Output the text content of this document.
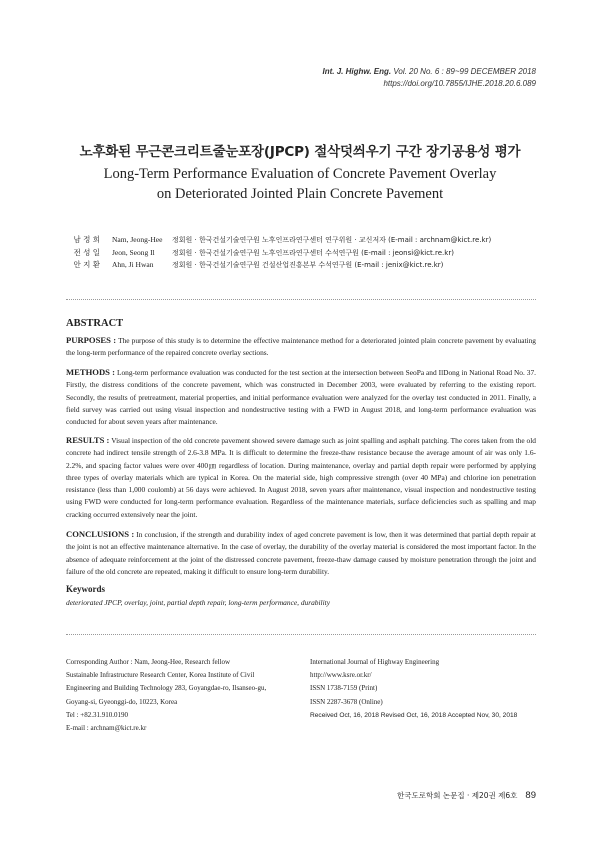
Int. J. Highw. Eng. Vol. 20 No. 6 : 89~99 DECEMBER 2018
https://doi.org/10.7855/IJHE.2018.20.6.089
노후화된 무근콘크리트줄눈포장(JPCP) 절삭덧씌우기 구간 장기공용성 평가
Long-Term Performance Evaluation of Concrete Pavement Overlay
on Deteriorated Jointed Plain Concrete Pavement
남 정 희	Nam, Jeong-Hee	정회원 · 한국건설기술연구원 노후인프라연구센터 연구위원 · 교신저자 (E-mail : archnam@kict.re.kr)
전 성 일	Jeon, Seong Il	정회원 · 한국건설기술연구원 노후인프라연구센터 수석연구원 (E-mail : jeonsi@kict.re.kr)
안 지 환	Ahn, Ji Hwan	정회원 · 한국건설기술연구원 건설산업진흥본부 수석연구원 (E-mail : jenix@kict.re.kr)
ABSTRACT
PURPOSES : The purpose of this study is to determine the effective maintenance method for a deteriorated jointed plain concrete pavement by evaluating the long-term performance of the repaired concrete overlay sections.
METHODS : Long-term performance evaluation was conducted for the test section at the intersection between SeoPa and IlDong in National Road No. 37. Firstly, the distress conditions of the concrete pavement, which was constructed in December 2003, were evaluated by referring to the existing report. Secondly, the results of pretreatment, material properties, and initial performance evaluation were analyzed for the overlay test conducted in 2011. Finally, a field survey was carried out using visual inspection and nondestructive testing with a FWD in August 2018, and long-term performance evaluation was conducted for about seven years after maintenance.
RESULTS : Visual inspection of the old concrete pavement showed severe damage such as joint spalling and asphalt patching. The cores taken from the old concrete had indirect tensile strength of 2.6-3.8 MPa. It is difficult to determine the freeze-thaw resistance because the average amount of air was only 1.6-2.2%, and spacing factor values were over 400㎛ regardless of location. During maintenance, overlay and partial depth repair were performed by applying three types of overlay materials which are typical in Korea. On the material side, high compressive strength (over 40 MPa) and chlorine ion penetration resistance (less than 1,000 coulomb) at 56 days were achieved. In August 2018, seven years after maintenance, visual inspection and nondestructive testing using FWD were conducted for long-term performance evaluation. Regardless of the maintenance materials, surface deficiencies such as spalling and map cracking occurred extensively near the joint.
CONCLUSIONS : In conclusion, if the strength and durability index of aged concrete pavement is low, then it was determined that partial depth repair at the joint is not an effective maintenance alternative. In the case of overlay, the durability of the overlay material is considered the most important factor. In the absence of adequate reinforcement at the joint of the distressed concrete pavement, freeze-thaw damage caused by moisture penetration through the joint and failure of the old concrete are repeated, making it difficult to ensure long-term durability.
Keywords
deteriorated JPCP, overlay, joint, partial depth repair, long-term performance, durability
Corresponding Author : Nam, Jeong-Hee, Research fellow
Sustainable Infrastructure Research Center, Korea Institute of Civil
Engineering and Building Technology 283, Goyangdae-ro, Ilsanseo-gu,
Goyang-si, Gyeonggi-do, 10223, Korea
Tel : +82.31.910.0190
E-mail : archnam@kict.re.kr
International Journal of Highway Engineering
http://www.ksre.or.kr/
ISSN 1738-7159 (Print)
ISSN 2287-3678 (Online)
Received Oct, 16, 2018 Revised Oct, 16, 2018 Accepted Nov, 30, 2018
한국도로학회 논문집 · 제20권 제6호 89
